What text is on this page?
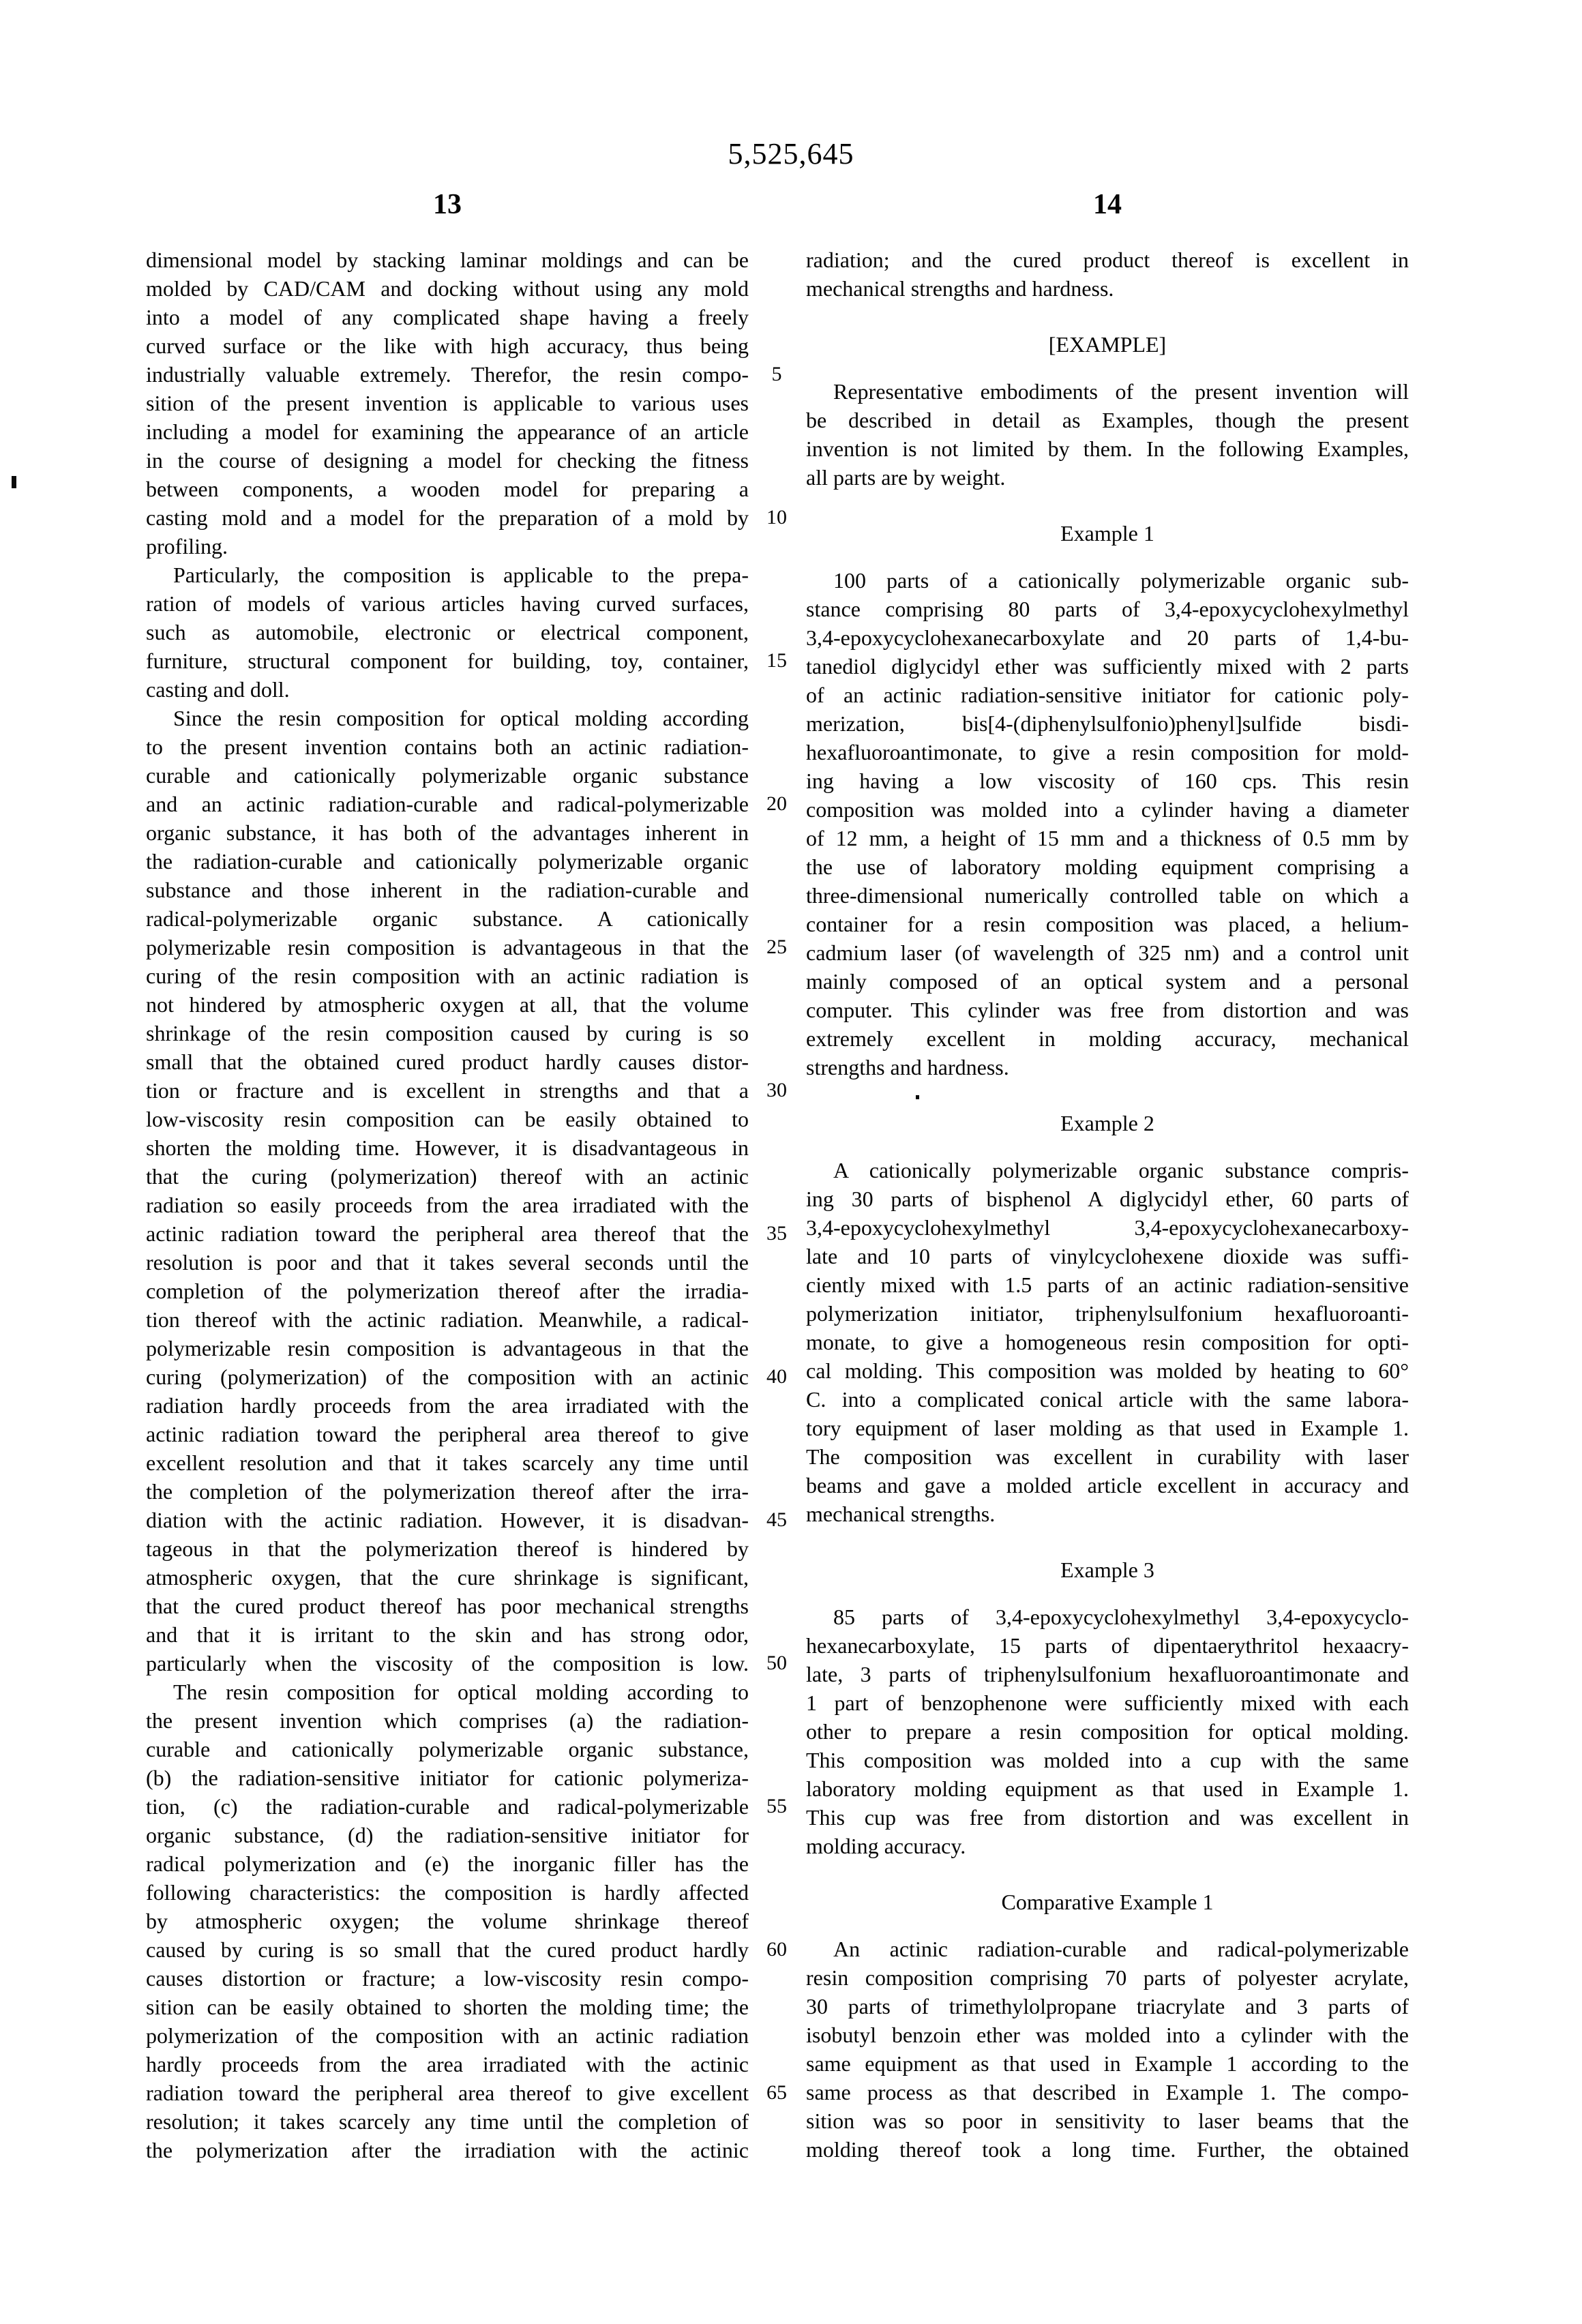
5,525,645
13	14
dimensional model by stacking laminar moldings and can be
molded by CAD/CAM and docking without using any mold
into a model of any complicated shape having a freely
curved surface or the like with high accuracy, thus being
industrially valuable extremely. Therefor, the resin compo-
sition of the present invention is applicable to various uses
including a model for examining the appearance of an article
in the course of designing a model for checking the fitness
between components, a wooden model for preparing a
casting mold and a model for the preparation of a mold by
profiling.
Particularly, the composition is applicable to the prepa-
ration of models of various articles having curved surfaces,
such as automobile, electronic or electrical component,
furniture, structural component for building, toy, container,
casting and doll.
Since the resin composition for optical molding according
to the present invention contains both an actinic radiation-
curable and cationically polymerizable organic substance
and an actinic radiation-curable and radical-polymerizable
organic substance, it has both of the advantages inherent in
the radiation-curable and cationically polymerizable organic
substance and those inherent in the radiation-curable and
radical-polymerizable organic substance. A cationically
polymerizable resin composition is advantageous in that the
curing of the resin composition with an actinic radiation is
not hindered by atmospheric oxygen at all, that the volume
shrinkage of the resin composition caused by curing is so
small that the obtained cured product hardly causes distor-
tion or fracture and is excellent in strengths and that a
low-viscosity resin composition can be easily obtained to
shorten the molding time. However, it is disadvantageous in
that the curing (polymerization) thereof with an actinic
radiation so easily proceeds from the area irradiated with the
actinic radiation toward the peripheral area thereof that the
resolution is poor and that it takes several seconds until the
completion of the polymerization thereof after the irradia-
tion thereof with the actinic radiation. Meanwhile, a radical-
polymerizable resin composition is advantageous in that the
curing (polymerization) of the composition with an actinic
radiation hardly proceeds from the area irradiated with the
actinic radiation toward the peripheral area thereof to give
excellent resolution and that it takes scarcely any time until
the completion of the polymerization thereof after the irra-
diation with the actinic radiation. However, it is disadvan-
tageous in that the polymerization thereof is hindered by
atmospheric oxygen, that the cure shrinkage is significant,
that the cured product thereof has poor mechanical strengths
and that it is irritant to the skin and has strong odor,
particularly when the viscosity of the composition is low.
The resin composition for optical molding according to
the present invention which comprises (a) the radiation-
curable and cationically polymerizable organic substance,
(b) the radiation-sensitive initiator for cationic polymeriza-
tion, (c) the radiation-curable and radical-polymerizable
organic substance, (d) the radiation-sensitive initiator for
radical polymerization and (e) the inorganic filler has the
following characteristics: the composition is hardly affected
by atmospheric oxygen; the volume shrinkage thereof
caused by curing is so small that the cured product hardly
causes distortion or fracture; a low-viscosity resin compo-
sition can be easily obtained to shorten the molding time; the
polymerization of the composition with an actinic radiation
hardly proceeds from the area irradiated with the actinic
radiation toward the peripheral area thereof to give excellent
resolution; it takes scarcely any time until the completion of
the polymerization after the irradiation with the actinic
radiation; and the cured product thereof is excellent in
mechanical strengths and hardness.
[EXAMPLE]
Representative embodiments of the present invention will
be described in detail as Examples, though the present
invention is not limited by them. In the following Examples,
all parts are by weight.
Example 1
100 parts of a cationically polymerizable organic sub-
stance comprising 80 parts of 3,4-epoxycyclohexylmethyl
3,4-epoxycyclohexanecarboxylate and 20 parts of 1,4-bu-
tanediol diglycidyl ether was sufficiently mixed with 2 parts
of an actinic radiation-sensitive initiator for cationic poly-
merization, bis[4-(diphenylsulfonio)phenyl]sulfide bisdi-
hexafluoroantimonate, to give a resin composition for mold-
ing having a low viscosity of 160 cps. This resin
composition was molded into a cylinder having a diameter
of 12 mm, a height of 15 mm and a thickness of 0.5 mm by
the use of laboratory molding equipment comprising a
three-dimensional numerically controlled table on which a
container for a resin composition was placed, a helium-
cadmium laser (of wavelength of 325 nm) and a control unit
mainly composed of an optical system and a personal
computer. This cylinder was free from distortion and was
extremely excellent in molding accuracy, mechanical
strengths and hardness.
Example 2
A cationically polymerizable organic substance compris-
ing 30 parts of bisphenol A diglycidyl ether, 60 parts of
3,4-epoxycyclohexylmethyl 3,4-epoxycyclohexanecarboxy-
late and 10 parts of vinylcyclohexene dioxide was suffi-
ciently mixed with 1.5 parts of an actinic radiation-sensitive
polymerization initiator, triphenylsulfonium hexafluoroanti-
monate, to give a homogeneous resin composition for opti-
cal molding. This composition was molded by heating to 60°
C. into a complicated conical article with the same labora-
tory equipment of laser molding as that used in Example 1.
The composition was excellent in curability with laser
beams and gave a molded article excellent in accuracy and
mechanical strengths.
Example 3
85 parts of 3,4-epoxycyclohexylmethyl 3,4-epoxycyclo-
hexanecarboxylate, 15 parts of dipentaerythritol hexaacry-
late, 3 parts of triphenylsulfonium hexafluoroantimonate and
1 part of benzophenone were sufficiently mixed with each
other to prepare a resin composition for optical molding.
This composition was molded into a cup with the same
laboratory molding equipment as that used in Example 1.
This cup was free from distortion and was excellent in
molding accuracy.
Comparative Example 1
An actinic radiation-curable and radical-polymerizable
resin composition comprising 70 parts of polyester acrylate,
30 parts of trimethylolpropane triacrylate and 3 parts of
isobutyl benzoin ether was molded into a cylinder with the
same equipment as that used in Example 1 according to the
same process as that described in Example 1. The compo-
sition was so poor in sensitivity to laser beams that the
molding thereof took a long time. Further, the obtained
5
10
15
20
25
30
35
40
45
50
55
60
65
